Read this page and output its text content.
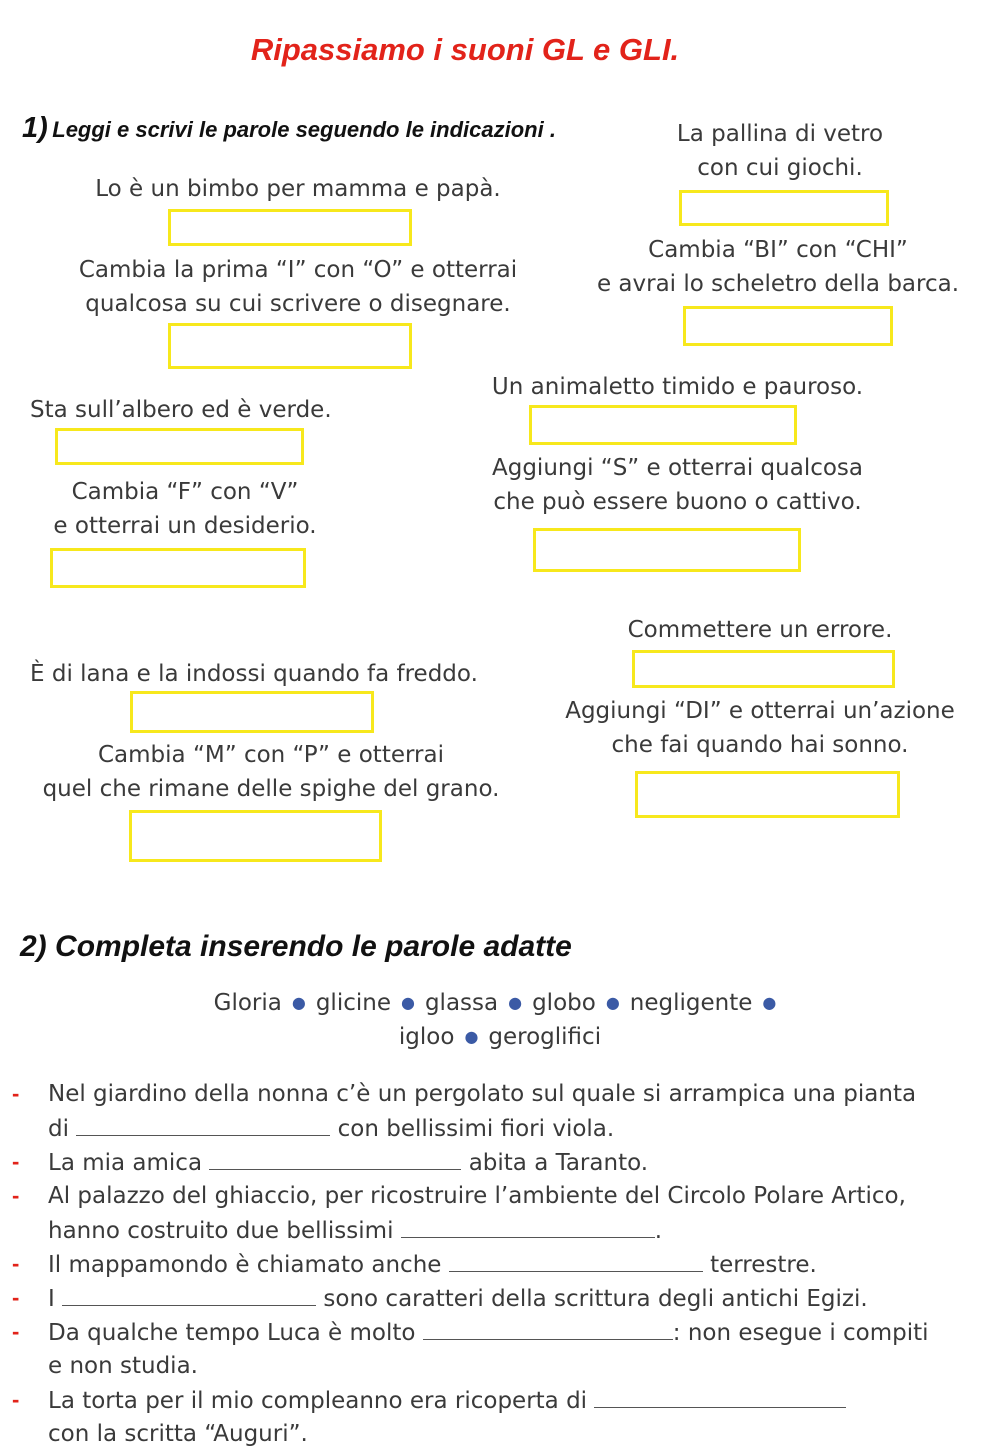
Ripassiamo i suoni GL e GLI.
1) Leggi e scrivi le parole seguendo le indicazioni .
Lo è un bimbo per mamma e papà.
Cambia la prima “I” con “O” e otterrai
qualcosa su cui scrivere o disegnare.
Sta sull’albero ed è verde.
Cambia “F” con “V”
e otterrai un desiderio.
È di lana e la indossi quando fa freddo.
Cambia “M” con “P” e otterrai
quel che rimane delle spighe del grano.
La pallina di vetro
con cui giochi.
Cambia “BI” con “CHI”
e avrai lo scheletro della barca.
Un animaletto timido e pauroso.
Aggiungi “S” e otterrai qualcosa
che può essere buono o cattivo.
Commettere un errore.
Aggiungi “DI” e otterrai un’azione
che fai quando hai sonno.
2) Completa inserendo le parole adatte
Gloria ● glicine ● glassa ● globo ● negligente ●
igloo ● geroglifici
- Nel giardino della nonna c’è un pergolato sul quale si arrampica una pianta
di	con bellissimi fiori viola.
- La mia amica	abita a Taranto.
- Al palazzo del ghiaccio, per ricostruire l’ambiente del Circolo Polare Artico,
hanno costruito due bellissimi	.
- Il mappamondo è chiamato anche	terrestre.
- I	sono caratteri della scrittura degli antichi Egizi.
- Da qualche tempo Luca è molto	: non esegue i compiti
e non studia.
- La torta per il mio compleanno era ricoperta di
con la scritta “Auguri”.
